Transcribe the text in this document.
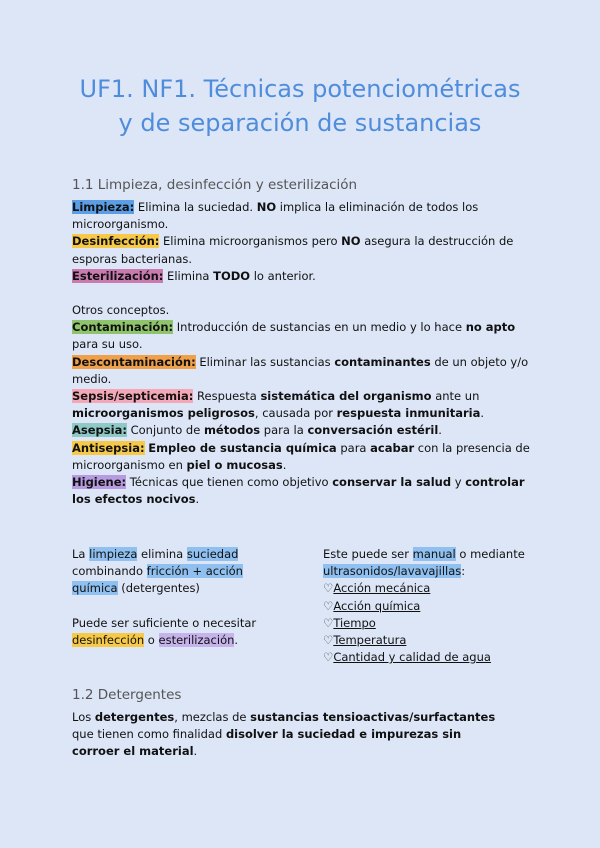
UF1. NF1. Técnicas potenciométricas
y de separación de sustancias
1.1 Limpieza, desinfección y esterilización

Limpieza: Elimina la suciedad. NO implica la eliminación de todos los microorganismo.

Desinfección: Elimina microorganismos pero NO asegura la destrucción de esporas bacterianas.

Esterilización: Elimina TODO lo anterior.

Otros conceptos.

Contaminación: Introducción de sustancias en un medio y lo hace no apto para su uso.

Descontaminación: Eliminar las sustancias contaminantes de un objeto y/o medio.

Sepsis/septicemia: Respuesta sistemática del organismo ante un microorganismos peligrosos, causada por respuesta inmunitaria.

Asepsia: Conjunto de métodos para la conversación estéril.

Antisepsia: Empleo de sustancia química para acabar con la presencia de microorganismo en piel o mucosas.

Higiene: Técnicas que tienen como objetivo conservar la salud y controlar los efectos nocivos.

La limpieza elimina suciedad combinando fricción + acción química (detergentes)

Puede ser suficiente o necesitar desinfección o esterilización.

Este puede ser manual o mediante ultrasonidos/lavavajillas:

♡Acción mecánica

♡Acción química

♡Tiempo

♡Temperatura

♡Cantidad y calidad de agua

1.2 Detergentes

Los detergentes, mezclas de sustancias tensioactivas/surfactantes que tienen como finalidad disolver la suciedad e impurezas sin corroer el material.
